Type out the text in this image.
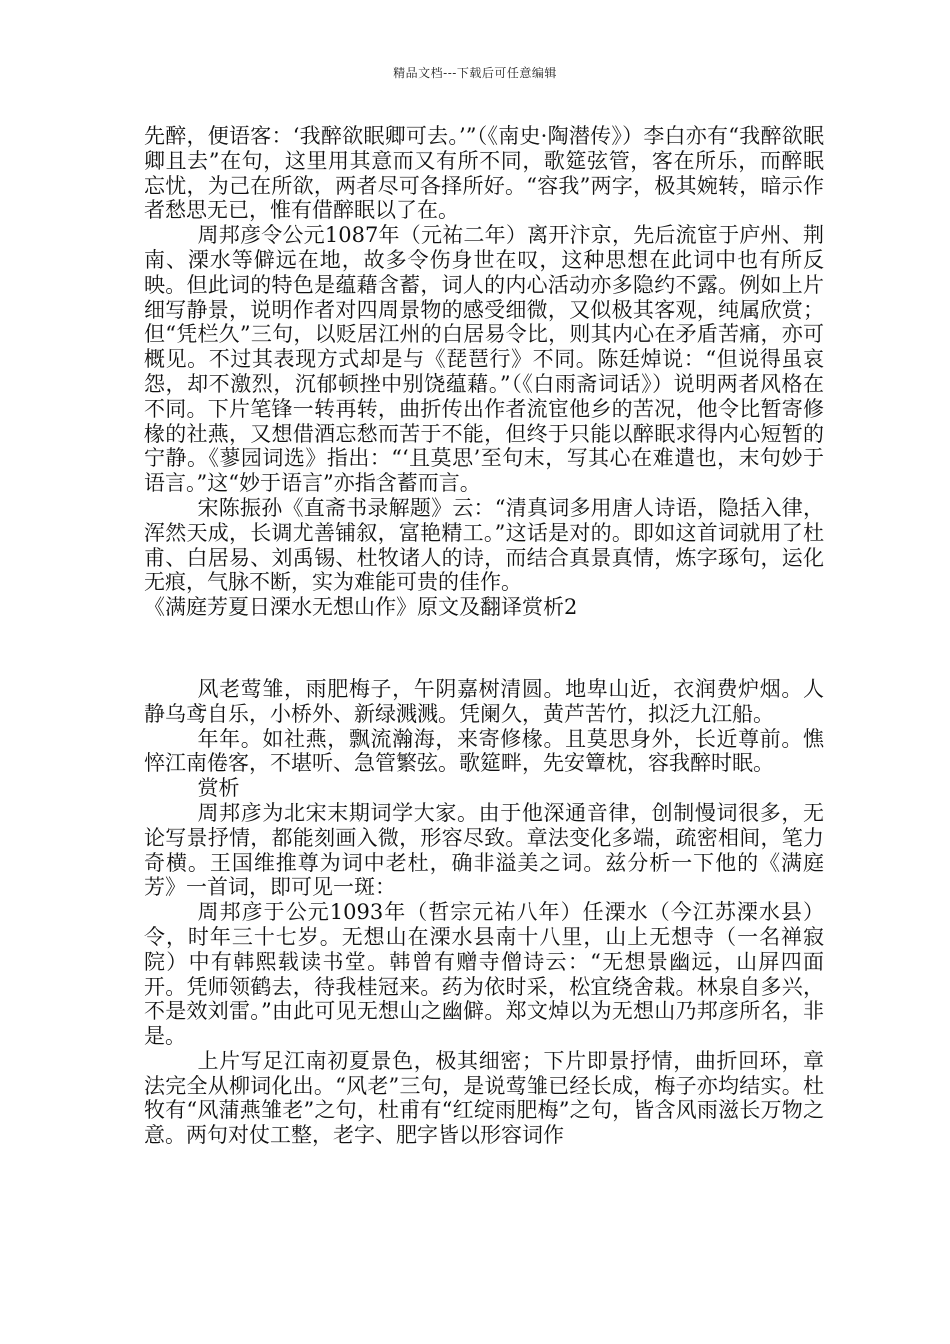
精品文档---下载后可任意编辑

先醉，便语客：‘我醉欲眠卿可去。’”（《南史·陶潜传》）李白亦有“我醉欲眠卿且去”在句，这里用其意而又有所不同，歌筵弦管，客在所乐，而醉眠忘忧，为己在所欲，两者尽可各择所好。“容我”两字，极其婉转，暗示作者愁思无已，惟有借醉眠以了在。

周邦彦令公元1087年（元祐二年）离开汴京，先后流宦于庐州、荆南、溧水等僻远在地，故多令伤身世在叹，这种思想在此词中也有所反映。但此词的特色是蕴藉含蓄，词人的内心活动亦多隐约不露。例如上片细写静景，说明作者对四周景物的感受细微，又似极其客观，纯属欣赏；但“凭栏久”三句，以贬居江州的白居易令比，则其内心在矛盾苦痛，亦可概见。不过其表现方式却是与《琵琶行》不同。陈廷焯说：“但说得虽哀怨，却不激烈，沉郁顿挫中别饶蕴藉。”（《白雨斋词话》）说明两者风格在不同。下片笔锋一转再转，曲折传出作者流宦他乡的苦况，他令比暂寄修椽的社燕，又想借酒忘愁而苦于不能，但终于只能以醉眠求得内心短暂的宁静。《蓼园词选》指出：“‘且莫思’至句末，写其心在难遣也，末句妙于语言。”这“妙于语言”亦指含蓄而言。

宋陈振孙《直斋书录解题》云：“清真词多用唐人诗语，隐括入律，浑然天成，长调尤善铺叙，富艳精工。”这话是对的。即如这首词就用了杜甫、白居易、刘禹锡、杜牧诸人的诗，而结合真景真情，炼字琢句，运化无痕，气脉不断，实为难能可贵的佳作。

《满庭芳夏日溧水无想山作》原文及翻译赏析2

风老莺雏，雨肥梅子，午阴嘉树清圆。地卑山近，衣润费炉烟。人静乌鸢自乐，小桥外、新绿溅溅。凭阑久，黄芦苦竹，拟泛九江船。

年年。如社燕，飘流瀚海，来寄修椽。且莫思身外，长近尊前。憔悴江南倦客，不堪听、急管繁弦。歌筵畔，先安簟枕，容我醉时眠。

赏析

周邦彦为北宋末期词学大家。由于他深通音律，创制慢词很多，无论写景抒情，都能刻画入微，形容尽致。章法变化多端，疏密相间，笔力奇横。王国维推尊为词中老杜，确非溢美之词。兹分析一下他的《满庭芳》一首词，即可见一斑：

周邦彦于公元1093年（哲宗元祐八年）任溧水（今江苏溧水县）令，时年三十七岁。无想山在溧水县南十八里，山上无想寺（一名禅寂院）中有韩熙载读书堂。韩曾有赠寺僧诗云：“无想景幽远，山屏四面开。凭师领鹤去，待我桂冠来。药为依时采，松宜绕舍栽。林泉自多兴，不是效刘雷。”由此可见无想山之幽僻。郑文焯以为无想山乃邦彦所名，非是。

上片写足江南初夏景色，极其细密；下片即景抒情，曲折回环，章法完全从柳词化出。“风老”三句，是说莺雏已经长成，梅子亦均结实。杜牧有“风蒲燕雏老”之句，杜甫有“红绽雨肥梅”之句，皆含风雨滋长万物之意。两句对仗工整，老字、肥字皆以形容词作
